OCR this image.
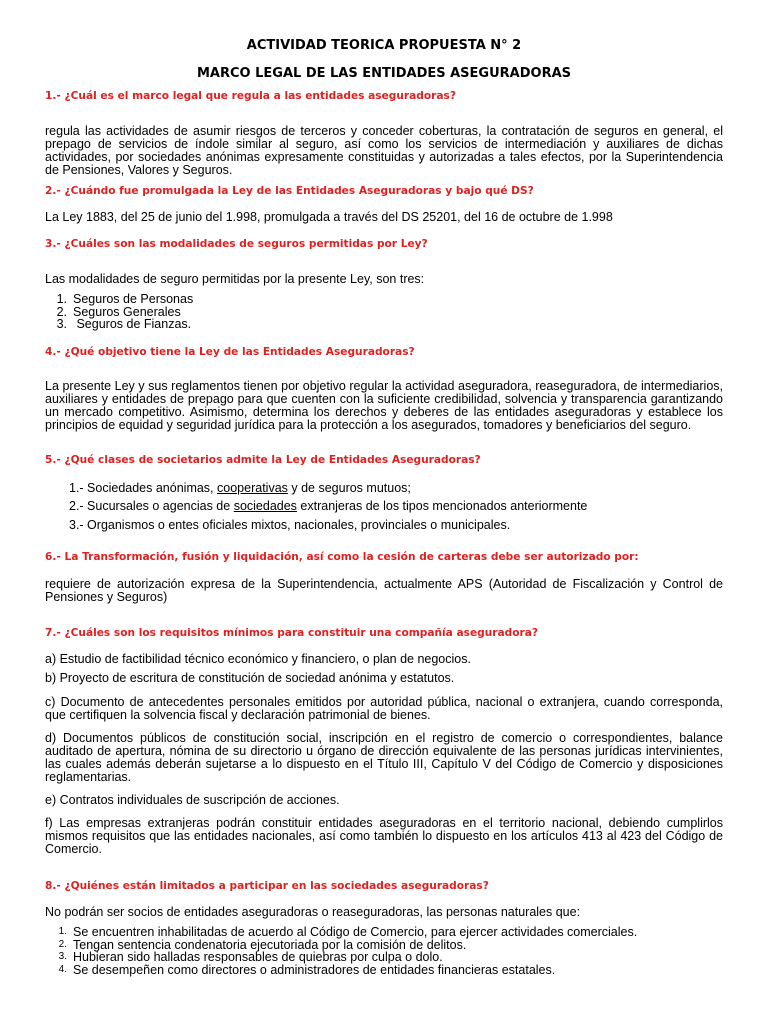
ACTIVIDAD TEORICA PROPUESTA N° 2
MARCO LEGAL DE LAS ENTIDADES ASEGURADORAS
1.- ¿Cuál es el marco legal que regula a las entidades aseguradoras?
regula las actividades de asumir riesgos de terceros y conceder coberturas, la contratación de seguros en general, el prepago de servicios de índole similar al seguro, así como los servicios de intermediación y auxiliares de dichas actividades, por sociedades anónimas expresamente constituidas y autorizadas a tales efectos, por la Superintendencia de Pensiones, Valores y Seguros.
2.- ¿Cuándo fue promulgada la Ley de las Entidades Aseguradoras y bajo qué DS?
La Ley 1883, del 25 de junio del 1.998, promulgada a través del DS 25201, del 16 de octubre de 1.998
3.- ¿Cuáles son las modalidades de seguros permitidas por Ley?
Las modalidades de seguro permitidas por la presente Ley, son tres:
1. Seguros de Personas
2. Seguros Generales
3. Seguros de Fianzas.
4.- ¿Qué objetivo tiene la Ley de las Entidades Aseguradoras?
La presente Ley y sus reglamentos tienen por objetivo regular la actividad aseguradora, reaseguradora, de intermediarios, auxiliares y entidades de prepago para que cuenten con la suficiente credibilidad, solvencia y transparencia garantizando un mercado competitivo. Asimismo, determina los derechos y deberes de las entidades aseguradoras y establece los principios de equidad y seguridad jurídica para la protección a los asegurados, tomadores y beneficiarios del seguro.
5.- ¿Qué clases de societarios admite la Ley de Entidades Aseguradoras?
1.- Sociedades anónimas, cooperativas y de seguros mutuos;
2.- Sucursales o agencias de sociedades extranjeras de los tipos mencionados anteriormente
3.- Organismos o entes oficiales mixtos, nacionales, provinciales o municipales.
6.- La Transformación, fusión y liquidación, así como la cesión de carteras debe ser autorizado por:
requiere de autorización expresa de la Superintendencia, actualmente APS (Autoridad de Fiscalización y Control de Pensiones y Seguros)
7.- ¿Cuáles son los requisitos mínimos para constituir una compañía aseguradora?
a) Estudio de factibilidad técnico económico y financiero, o plan de negocios.
b) Proyecto de escritura de constitución de sociedad anónima y estatutos.
c) Documento de antecedentes personales emitidos por autoridad pública, nacional o extranjera, cuando corresponda, que certifiquen la solvencia fiscal y declaración patrimonial de bienes.
d) Documentos públicos de constitución social, inscripción en el registro de comercio o correspondientes, balance auditado de apertura, nómina de su directorio u órgano de dirección equivalente de las personas jurídicas intervinientes, las cuales además deberán sujetarse a lo dispuesto en el Título III, Capítulo V del Código de Comercio y disposiciones reglamentarias.
e) Contratos individuales de suscripción de acciones.
f) Las empresas extranjeras podrán constituir entidades aseguradoras en el territorio nacional, debiendo cumplirlos mismos requisitos que las entidades nacionales, así como también lo dispuesto en los artículos 413 al 423 del Código de Comercio.
8.- ¿Quiénes están limitados a participar en las sociedades aseguradoras?
No podrán ser socios de entidades aseguradoras o reaseguradoras, las personas naturales que:
1. Se encuentren inhabilitadas de acuerdo al Código de Comercio, para ejercer actividades comerciales.
2. Tengan sentencia condenatoria ejecutoriada por la comisión de delitos.
3. Hubieran sido halladas responsables de quiebras por culpa o dolo.
4. Se desempeñen como directores o administradores de entidades financieras estatales.
